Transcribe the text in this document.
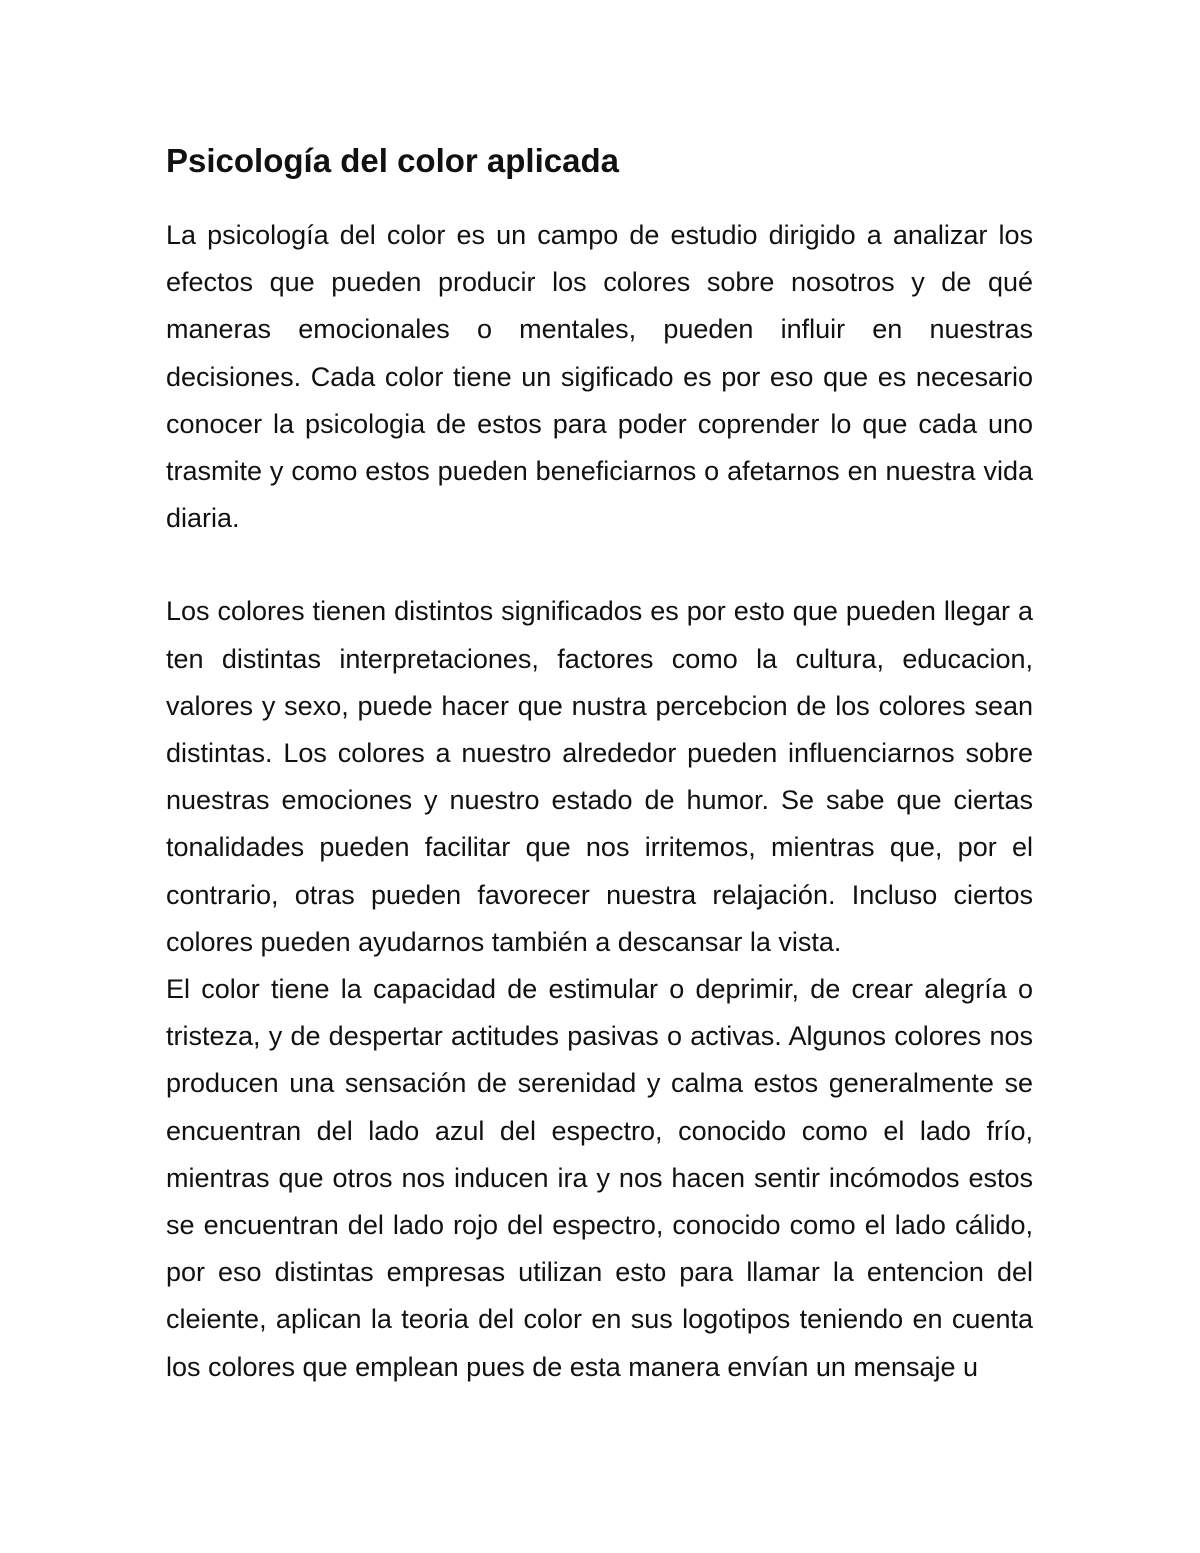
Psicología del color aplicada

La psicología del color es un campo de estudio dirigido a analizar los efectos que pueden producir los colores sobre nosotros y de qué maneras emocionales o mentales, pueden influir en nuestras decisiones. Cada color tiene un sigificado es por eso que es necesario conocer la psicologia de estos para poder coprender lo que cada uno trasmite y como estos pueden beneficiarnos o afetarnos en nuestra vida diaria.

Los colores tienen distintos significados es por esto que pueden llegar a ten distintas interpretaciones, factores como la cultura, educacion, valores y sexo, puede hacer que nustra percebcion de los colores sean distintas. Los colores a nuestro alrededor pueden influenciarnos sobre nuestras emociones y nuestro estado de humor. Se sabe que ciertas tonalidades pueden facilitar que nos irritemos, mientras que, por el contrario, otras pueden favorecer nuestra relajación. Incluso ciertos colores pueden ayudarnos también a descansar la vista.

El color tiene la capacidad de estimular o deprimir, de crear alegría o tristeza, y de despertar actitudes pasivas o activas. Algunos colores nos producen una sensación de serenidad y calma estos generalmente se encuentran del lado azul del espectro, conocido como el lado frío, mientras que otros nos inducen ira y nos hacen sentir incómodos estos se encuentran del lado rojo del espectro, conocido como el lado cálido, por eso distintas empresas utilizan esto para llamar la entencion del cleiente, aplican la teoria del color en sus logotipos teniendo en cuenta los colores que emplean pues de esta manera envían un mensaje u
